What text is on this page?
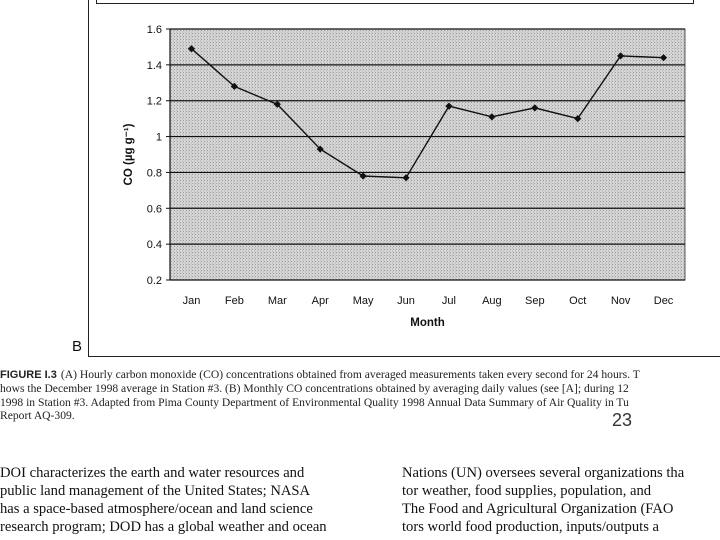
0.2
0.4
0.6
0.8
1
1.2
1.4
1.6
Jan Feb Mar Apr May Jun Jul Aug Sep Oct Nov Dec
Month
CO (µg g⁻¹)
B
FIGURE I.3 (A) Hourly carbon monoxide (CO) concentrations obtained from averaged measurements taken every second for 24 hours. T
hows the December 1998 average in Station #3. (B) Monthly CO concentrations obtained by averaging daily values (see [A]; during 12
1998 in Station #3. Adapted from Pima County Department of Environmental Quality 1998 Annual Data Summary of Air Quality in Tu
Report AQ-309.	23
DOI characterizes the earth and water resources and
public land management of the United States; NASA
has a space-based atmosphere/ocean and land science
research program; DOD has a global weather and ocean
Nations (UN) oversees several organizations tha
tor weather, food supplies, population, and
The Food and Agricultural Organization (FAO
tors world food production, inputs/outputs a
